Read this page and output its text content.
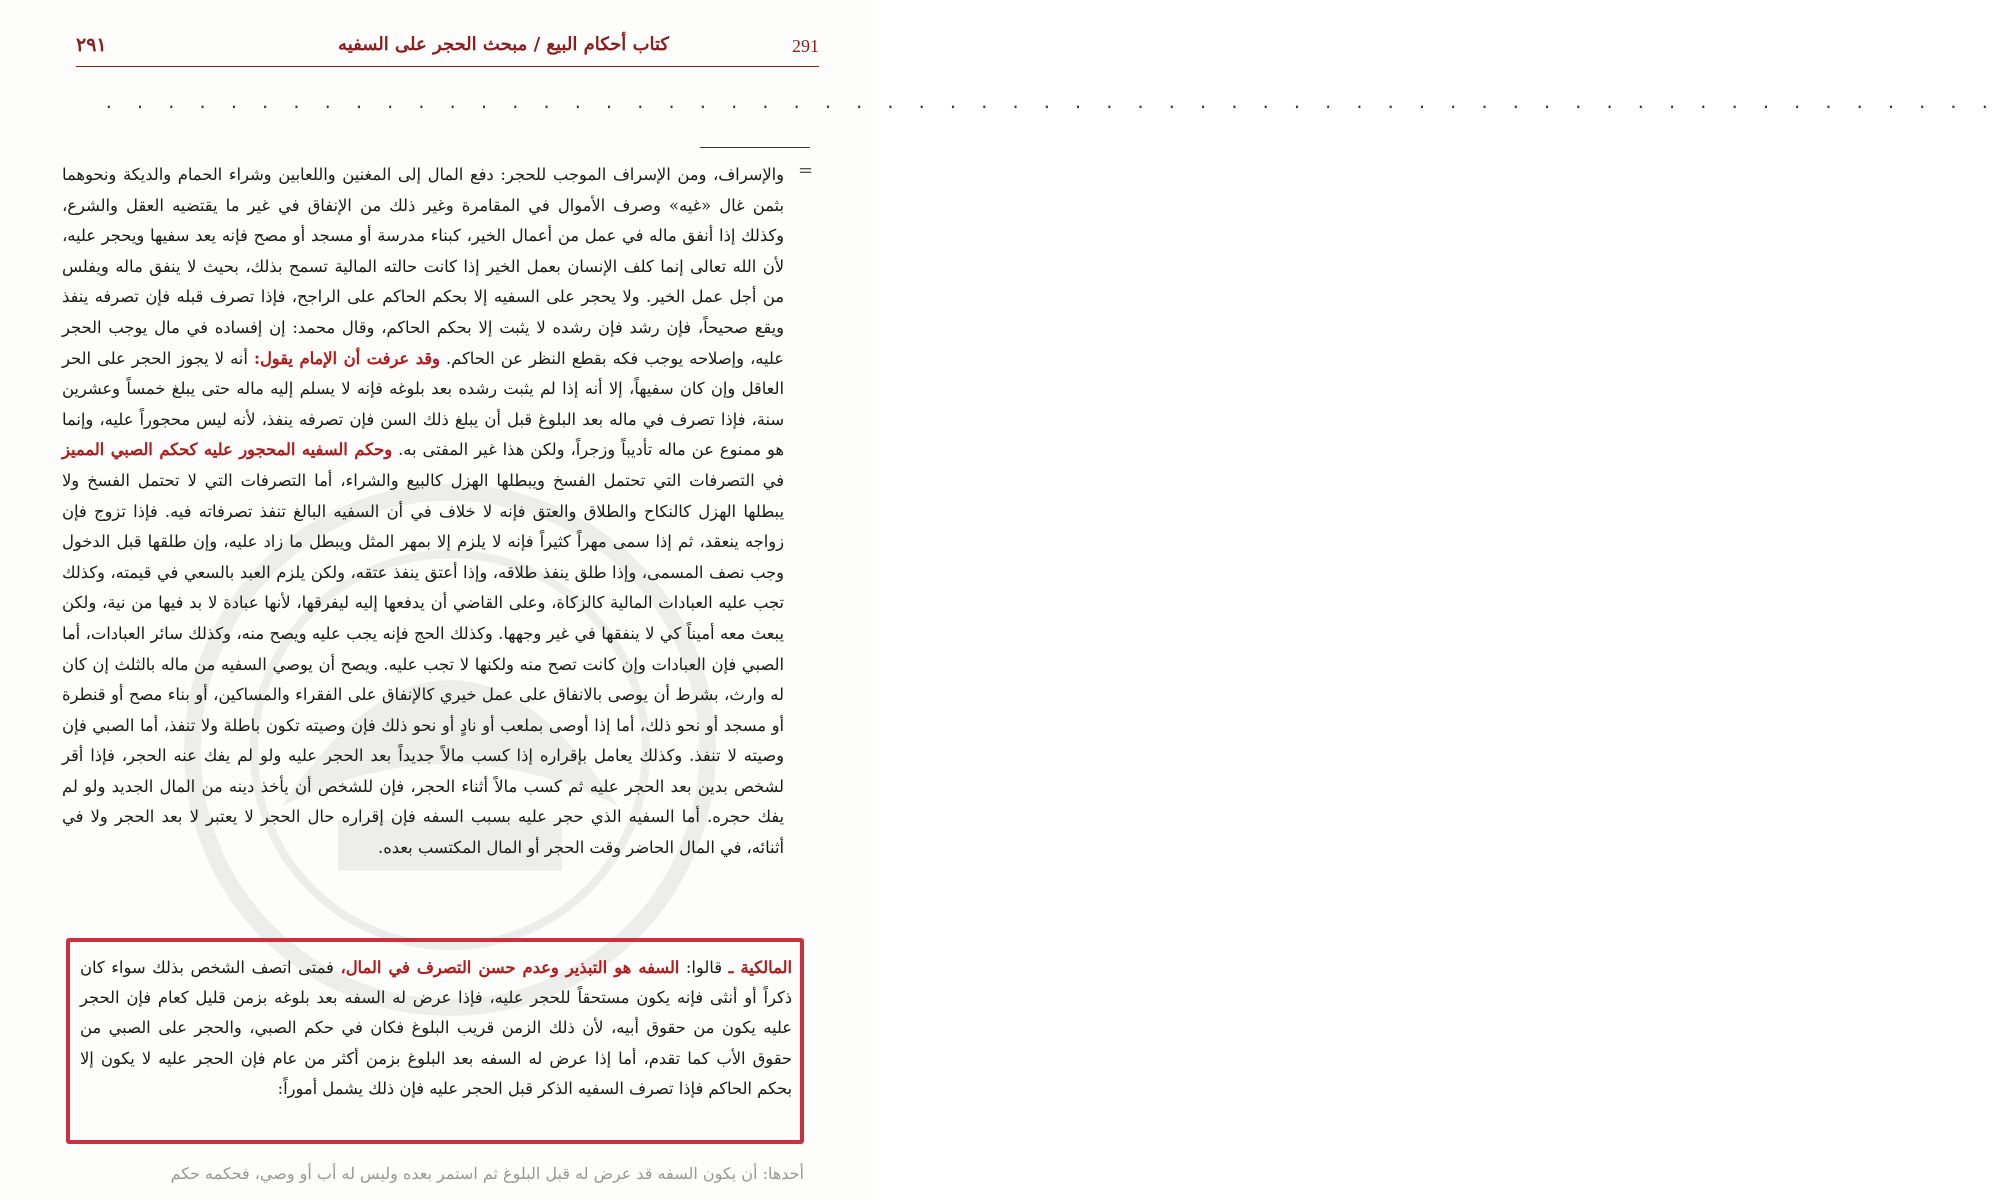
291
كتاب أحكام البيع / مبحث الحجر على السفيه
٢٩١
. . . . . . . . . . . . . . . . . . . . . . . . . . . . . . . . . . . . . . . . . . . . . . . . . . . . . . . . . . . . .
=
والإسراف، ومن الإسراف الموجب للحجر: دفع المال إلى المغنين واللعابين وشراء الحمام والديكة ونحوهما بثمن غال «غيه» وصرف الأموال في المقامرة وغير ذلك من الإنفاق في غير ما يقتضيه العقل والشرع، وكذلك إذا أنفق ماله في عمل من أعمال الخير، كبناء مدرسة أو مسجد أو مصح فإنه يعد سفيها ويحجر عليه، لأن الله تعالى إنما كلف الإنسان بعمل الخير إذا كانت حالته المالية تسمح بذلك، بحيث لا ينفق ماله ويفلس من أجل عمل الخير. ولا يحجر على السفيه إلا بحكم الحاكم على الراجح، فإذا تصرف قبله فإن تصرفه ينفذ ويقع صحيحاً، فإن رشد فإن رشده لا يثبت إلا بحكم الحاكم، وقال محمد: إن إفساده في مال يوجب الحجر عليه، وإصلاحه يوجب فكه بقطع النظر عن الحاكم. وقد عرفت أن الإمام يقول: أنه لا يجوز الحجر على الحر العاقل وإن كان سفيهاً، إلا أنه إذا لم يثبت رشده بعد بلوغه فإنه لا يسلم إليه ماله حتى يبلغ خمساً وعشرين سنة، فإذا تصرف في ماله بعد البلوغ قبل أن يبلغ ذلك السن فإن تصرفه ينفذ، لأنه ليس محجوراً عليه، وإنما هو ممنوع عن ماله تأديباً وزجراً، ولكن هذا غير المفتى به. وحكم السفيه المحجور عليه كحكم الصبي المميز في التصرفات التي تحتمل الفسخ ويبطلها الهزل كالبيع والشراء، أما التصرفات التي لا تحتمل الفسخ ولا يبطلها الهزل كالنكاح والطلاق والعتق فإنه لا خلاف في أن السفيه البالغ تنفذ تصرفاته فيه. فإذا تزوج فإن زواجه ينعقد، ثم إذا سمى مهراً كثيراً فإنه لا يلزم إلا بمهر المثل ويبطل ما زاد عليه، وإن طلقها قبل الدخول وجب نصف المسمى، وإذا طلق ينفذ طلاقه، وإذا أعتق ينفذ عتقه، ولكن يلزم العبد بالسعي في قيمته، وكذلك تجب عليه العبادات المالية كالزكاة، وعلى القاضي أن يدفعها إليه ليفرقها، لأنها عبادة لا بد فيها من نية، ولكن يبعث معه أميناً كي لا ينفقها في غير وجهها. وكذلك الحج فإنه يجب عليه ويصح منه، وكذلك سائر العبادات، أما الصبي فإن العبادات وإن كانت تصح منه ولكنها لا تجب عليه. ويصح أن يوصي السفيه من ماله بالثلث إن كان له وارث، بشرط أن يوصى بالانفاق على عمل خيري كالإنفاق على الفقراء والمساكين، أو بناء مصح أو قنطرة أو مسجد أو نحو ذلك، أما إذا أوصى بملعب أو نادٍ أو نحو ذلك فإن وصيته تكون باطلة ولا تنفذ، أما الصبي فإن وصيته لا تنفذ. وكذلك يعامل بإقراره إذا كسب مالاً جديداً بعد الحجر عليه ولو لم يفك عنه الحجر، فإذا أقر لشخص بدين بعد الحجر عليه ثم كسب مالاً أثناء الحجر، فإن للشخص أن يأخذ دينه من المال الجديد ولو لم يفك حجره. أما السفيه الذي حجر عليه بسبب السفه فإن إقراره حال الحجر لا يعتبر لا بعد الحجر ولا في أثنائه، في المال الحاضر وقت الحجر أو المال المكتسب بعده.
المالكية ـ قالوا: السفه هو التبذير وعدم حسن التصرف في المال، فمتى اتصف الشخص بذلك سواء كان ذكراً أو أنثى فإنه يكون مستحقاً للحجر عليه، فإذا عرض له السفه بعد بلوغه بزمن قليل كعام فإن الحجر عليه يكون من حقوق أبيه، لأن ذلك الزمن قريب البلوغ فكان في حكم الصبي، والحجر على الصبي من حقوق الأب كما تقدم، أما إذا عرض له السفه بعد البلوغ بزمن أكثر من عام فإن الحجر عليه لا يكون إلا بحكم الحاكم فإذا تصرف السفيه الذكر قبل الحجر عليه فإن ذلك يشمل أموراً:
أحدها: أن يكون السفه قد عرض له قبل البلوغ ثم استمر بعده وليس له أب أو وصي، فحكمه حكم
